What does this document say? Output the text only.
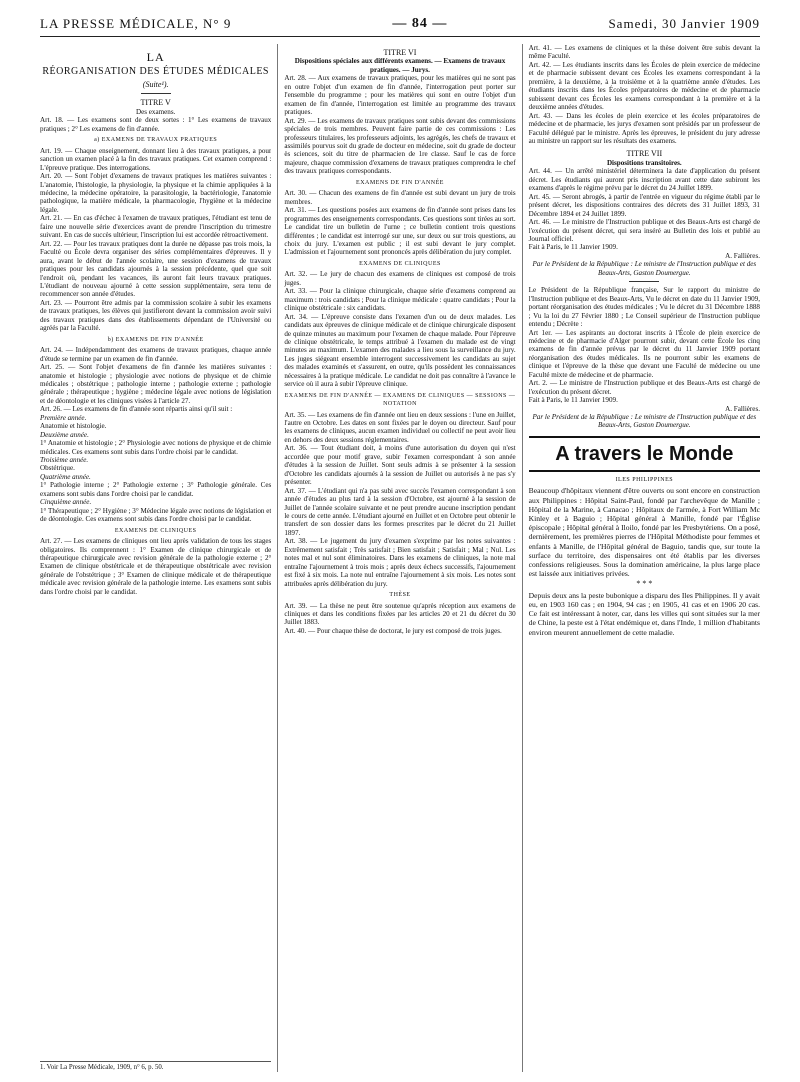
LA PRESSE MÉDICALE, N° 9	— 84 —	Samedi, 30 Janvier 1909
LA
RÉORGANISATION DES ÉTUDES MÉDICALES
(Suite¹).
TITRE V

Des examens.

Art. 18. — Les examens sont de deux sortes : 1° Les examens de travaux pratiques ; 2° Les examens de fin d'année.

a) EXAMENS DE TRAVAUX PRATIQUES

Art. 19. — Chaque enseignement, donnant lieu à des travaux pratiques, a pour sanction un examen placé à la fin des travaux pratiques. Cet examen comprend : L'épreuve pratique. Des interrogations.

Art. 20. — Sont l'objet d'examens de travaux pratiques les matières suivantes : L'anatomie, l'histologie, la physiologie, la physique et la chimie appliquées à la médecine, la médecine opératoire, la parasitologie, la bactériologie, l'anatomie pathologique, la matière médicale, la pharmacologie, l'hygiène et la médecine légale.

Art. 21. — En cas d'échec à l'examen de travaux pratiques, l'étudiant est tenu de faire une nouvelle série d'exercices avant de prendre l'inscription du trimestre suivant. En cas de succès ultérieur, l'inscription lui est accordée rétroactivement.

Art. 22. — Pour les travaux pratiques dont la durée ne dépasse pas trois mois, la Faculté ou École devra organiser des séries complémentaires d'épreuves. Il y aura, avant le début de l'année scolaire, une session d'examens de travaux pratiques pour les candidats ajournés à la session précédente, quel que soit l'endroit où, pendant les vacances, ils auront fait leurs travaux pratiques. L'étudiant de nouveau ajourné à cette session supplémentaire, sera tenu de recommencer son année d'études.

Art. 23. — Pourront être admis par la commission scolaire à subir les examens de travaux pratiques, les élèves qui justifieront devant la commission avoir suivi des travaux pratiques dans des établissements dépendant de l'Université ou agréés par la Faculté.

b) EXAMENS DE FIN D'ANNÉE

Art. 24. — Indépendamment des examens de travaux pratiques, chaque année d'étude se termine par un examen de fin d'année.

Art. 25. — Sont l'objet d'examens de fin d'année les matières suivantes : anatomie et histologie ; physiologie avec notions de physique et de chimie médicales ; obstétrique ; pathologie interne ; pathologie externe ; pathologie générale ; thérapeutique ; hygiène ; médecine légale avec notions de législation et de déontologie et les cliniques visées à l'article 27.

Art. 26. — Les examens de fin d'année sont répartis ainsi qu'il suit :

Première année.

Anatomie et histologie.

Deuxième année.

1° Anatomie et histologie ; 2° Physiologie avec notions de physique et de chimie médicales. Ces examens sont subis dans l'ordre choisi par le candidat.

Troisième année.

Obstétrique.

Quatrième année.

1° Pathologie interne ; 2° Pathologie externe ; 3° Pathologie générale. Ces examens sont subis dans l'ordre choisi par le candidat.

Cinquième année.

1° Thérapeutique ; 2° Hygiène ; 3° Médecine légale avec notions de législation et de déontologie. Ces examens sont subis dans l'ordre choisi par le candidat.

EXAMENS DE CLINIQUES

Art. 27. — Les examens de cliniques ont lieu après validation de tous les stages obligatoires. Ils comprennent : 1° Examen de clinique chirurgicale et de thérapeutique chirurgicale avec revision générale de la pathologie externe ; 2° Examen de clinique obstétricale et de thérapeutique obstétricale avec revision générale de l'obstétrique ; 3° Examen de clinique médicale et de thérapeutique médicale avec revision générale de la pathologie interne. Les examens sont subis dans l'ordre choisi par le candidat.

1. Voir La Presse Médicale, 1909, n° 6, p. 50.
TITRE VI

Dispositions spéciales aux différents examens. — Examens de travaux pratiques. — Jurys.

Art. 28. — Aux examens de travaux pratiques, pour les matières qui ne sont pas en outre l'objet d'un examen de fin d'année, l'interrogation peut porter sur l'ensemble du programme ; pour les matières qui sont en outre l'objet d'un examen de fin d'année, l'interrogation est limitée au programme des travaux pratiques.

Art. 29. — Les examens de travaux pratiques sont subis devant des commissions spéciales de trois membres. Peuvent faire partie de ces commissions : Les professeurs titulaires, les professeurs adjoints, les agrégés, les chefs de travaux et assimilés pourvus soit du grade de docteur en médecine, soit du grade de docteur ès sciences, soit du titre de pharmacien de 1re classe. Sauf le cas de force majeure, chaque commission d'examens de travaux pratiques comprendra le chef des travaux pratiques correspondants.

EXAMENS DE FIN D'ANNÉE

Art. 30. — Chacun des examens de fin d'année est subi devant un jury de trois membres.

Art. 31. — Les questions posées aux examens de fin d'année sont prises dans les programmes des enseignements correspondants. Ces questions sont tirées au sort. Le candidat tire un bulletin de l'urne ; ce bulletin contient trois questions différentes ; le candidat est interrogé sur une, sur deux ou sur trois questions, au choix du jury. L'examen est public ; il est subi devant le jury complet. L'admission et l'ajournement sont prononcés après délibération du jury complet.

EXAMENS DE CLINIQUES

Art. 32. — Le jury de chacun des examens de cliniques est composé de trois juges.

Art. 33. — Pour la clinique chirurgicale, chaque série d'examens comprend au maximum : trois candidats ; Pour la clinique médicale : quatre candidats ; Pour la clinique obstétricale : six candidats.

Art. 34. — L'épreuve consiste dans l'examen d'un ou de deux malades. Les candidats aux épreuves de clinique médicale et de clinique chirurgicale disposent de quinze minutes au maximum pour l'examen de chaque malade. Pour l'épreuve de clinique obstétricale, le temps attribué à l'examen du malade est de vingt minutes au maximum. L'examen des malades a lieu sous la surveillance du jury. Les juges siégeant ensemble interrogent successivement les candidats au sujet des malades examinés et s'assurent, en outre, qu'ils possèdent les connaissances nécessaires à la pratique médicale. Le candidat ne doit pas connaître à l'avance le service où il aura à subir l'épreuve clinique.

EXAMENS DE FIN D'ANNÉE — EXAMENS DE CLINIQUES — SESSIONS — NOTATION

Art. 35. — Les examens de fin d'année ont lieu en deux sessions : l'une en Juillet, l'autre en Octobre. Les dates en sont fixées par le doyen ou directeur. Sauf pour les examens de cliniques, aucun examen individuel ou collectif ne peut avoir lieu en dehors des deux sessions réglementaires.

Art. 36. — Tout étudiant doit, à moins d'une autorisation du doyen qui n'est accordée que pour motif grave, subir l'examen correspondant à son année d'études à la session de Juillet. Sont seuls admis à se présenter à la session d'Octobre les candidats ajournés à la session de Juillet ou autorisés à ne pas s'y présenter.

Art. 37. — L'étudiant qui n'a pas subi avec succès l'examen correspondant à son année d'études au plus tard à la session d'Octobre, est ajourné à la session de Juillet de l'année scolaire suivante et ne peut prendre aucune inscription pendant le cours de cette année. L'étudiant ajourné en Juillet et en Octobre peut obtenir le transfert de son dossier dans les formes prescrites par le décret du 21 Juillet 1897.

Art. 38. — Le jugement du jury d'examen s'exprime par les notes suivantes : Extrêmement satisfait ; Très satisfait ; Bien satisfait ; Satisfait ; Mal ; Nul. Les notes mal et nul sont éliminatoires. Dans les examens de cliniques, la note mal entraîne l'ajournement à trois mois ; après deux échecs successifs, l'ajournement est fixé à six mois. La note nul entraîne l'ajournement à six mois. Les notes sont attribuées après délibération du jury.

THÈSE

Art. 39. — La thèse ne peut être soutenue qu'après réception aux examens de cliniques et dans les conditions fixées par les articles 20 et 21 du décret du 30 Juillet 1883.

Art. 40. — Pour chaque thèse de doctorat, le jury est composé de trois juges.

Art. 41. — Les examens de cliniques et la thèse doivent être subis devant la même Faculté.

Art. 42. — Les étudiants inscrits dans les Écoles de plein exercice de médecine et de pharmacie subissent devant ces Écoles les examens correspondant à la première, à la deuxième, à la troisième et à la quatrième année d'études. Les étudiants inscrits dans les Écoles préparatoires de médecine et de pharmacie subissent devant ces Écoles les examens correspondant à la première et à la deuxième années d'études.

Art. 43. — Dans les écoles de plein exercice et les écoles préparatoires de médecine et de pharmacie, les jurys d'examen sont présidés par un professeur de Faculté délégué par le ministre. Après les épreuves, le président du jury adresse au ministre un rapport sur les résultats des examens.

TITRE VII

Dispositions transitoires.

Art. 44. — Un arrêté ministériel déterminera la date d'application du présent décret. Les étudiants qui auront pris inscription avant cette date subiront les examens d'après le régime prévu par le décret du 24 Juillet 1899.

Art. 45. — Seront abrogés, à partir de l'entrée en vigueur du régime établi par le présent décret, les dispositions contraires des décrets des 31 Juillet 1893, 31 Décembre 1894 et 24 Juillet 1899.

Art. 46. — Le ministre de l'Instruction publique et des Beaux-Arts est chargé de l'exécution du présent décret, qui sera inséré au Bulletin des lois et publié au Journal officiel.

Fait à Paris, le 11 Janvier 1909.

A. Fallières.

Par le Président de la République : Le ministre de l'Instruction publique et des Beaux-Arts, Gaston Doumergue.

Le Président de la République française, Sur le rapport du ministre de l'Instruction publique et des Beaux-Arts, Vu le décret en date du 11 Janvier 1909, portant réorganisation des études médicales ; Vu le décret du 31 Décembre 1888 ; Vu la loi du 27 Février 1880 ; Le Conseil supérieur de l'Instruction publique entendu ; Décrète :

Art 1er. — Les aspirants au doctorat inscrits à l'École de plein exercice de médecine et de pharmacie d'Alger pourront subir, devant cette École les cinq examens de fin d'année prévus par le décret du 11 Janvier 1909 portant réorganisation des études médicales. Ils ne pourront subir les examens de clinique et l'épreuve de la thèse que devant une Faculté de médecine ou une Faculté mixte de médecine et de pharmacie.

Art. 2. — Le ministre de l'Instruction publique et des Beaux-Arts est chargé de l'exécution du présent décret.

Fait à Paris, le 11 Janvier 1909.

A. Fallières.

Par le Président de la République : Le ministre de l'Instruction publique et des Beaux-Arts, Gaston Doumergue.

A travers le Monde
ILES PHILIPPINES

Beaucoup d'hôpitaux viennent d'être ouverts ou sont encore en construction aux Philippines : Hôpital Saint-Paul, fondé par l'archevêque de Manille ; Hôpital de la Marine, à Canacao ; Hôpitaux de l'armée, à Fort William Mc Kinley et à Baguio ; Hôpital général à Manille, fondé par l'Église épiscopale ; Hôpital général à Iloilo, fondé par les Presbytériens. On a posé, dernièrement, les premières pierres de l'Hôpital Méthodiste pour femmes et enfants à Manille, de l'Hôpital général de Baguio, tandis que, sur toute la surface du territoire, des dispensaires ont été établis par les diverses confessions religieuses. Sous la domination américaine, la plus large place est laissée aux initiatives privées.

* * *

Depuis deux ans la peste bubonique a disparu des Iles Philippines. Il y avait eu, en 1903 160 cas ; en 1904, 94 cas ; en 1905, 41 cas et en 1906 20 cas. Ce fait est intéressant à noter, car, dans les villes qui sont situées sur la mer de Chine, la peste est à l'état endémique et, dans l'Inde, 1 million d'habitants environ meurent annuellement de cette maladie.
